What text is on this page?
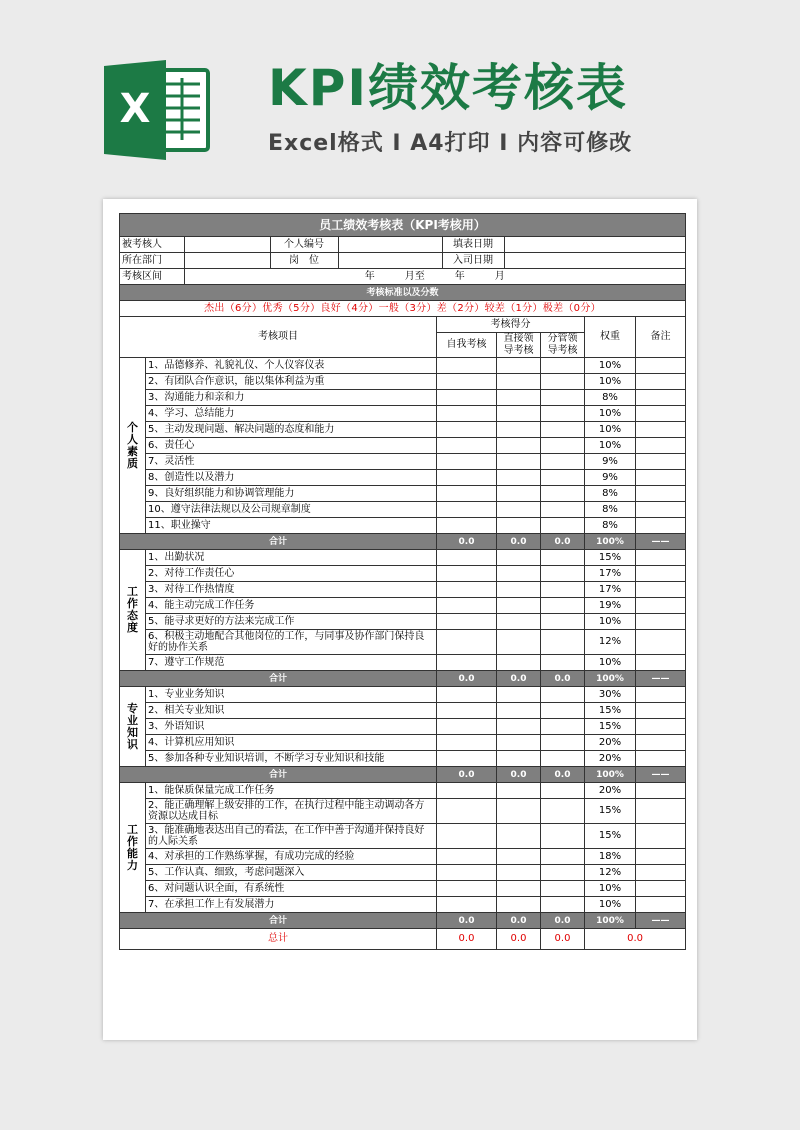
X KPI绩效考核表
Excel格式 I A4打印 I 内容可修改
员工绩效考核表（KPI考核用）

被考核人		个人编号		填表日期	
所在部门		岗　位		入司日期	
考核区间	年　　　月至　　　年　　　月

考核标准以及分数
杰出（6分）优秀（5分）良好（4分）一般（3分）差（2分）较差（1分）极差（0分）
考核项目	考核得分	权重	备注
自我考核	直接领导考核	分管领导考核
个人素质	1、品德修养、礼貌礼仪、个人仪容仪表				10%	
2、有团队合作意识，能以集体利益为重				10%	
3、沟通能力和亲和力				8%	
4、学习、总结能力				10%	
5、主动发现问题、解决问题的态度和能力				10%	
6、责任心				10%	
7、灵活性				9%	
8、创造性以及潜力				9%	
9、良好组织能力和协调管理能力				8%	
10、遵守法律法规以及公司规章制度				8%	
11、职业操守				8%	
合计	0.0	0.0	0.0	100%	——
工作态度	1、出勤状况				15%	
2、对待工作责任心				17%	
3、对待工作热情度				17%	
4、能主动完成工作任务				19%	
5、能寻求更好的方法来完成工作				10%	
6、积极主动地配合其他岗位的工作，与同事及协作部门保持良好的协作关系				12%	
7、遵守工作规范				10%	
合计	0.0	0.0	0.0	100%	——
专业知识	1、专业业务知识				30%	
2、相关专业知识				15%	
3、外语知识				15%	
4、计算机应用知识				20%	
5、参加各种专业知识培训，不断学习专业知识和技能				20%	
合计	0.0	0.0	0.0	100%	——
工作能力	1、能保质保量完成工作任务				20%	
2、能正确理解上级安排的工作，在执行过程中能主动调动各方资源以达成目标				15%	
3、能准确地表达出自己的看法，在工作中善于沟通并保持良好的人际关系				15%	
4、对承担的工作熟练掌握，有成功完成的经验				18%	
5、工作认真、细致，考虑问题深入				12%	
6、对问题认识全面，有系统性				10%	
7、在承担工作上有发展潜力				10%	
合计	0.0	0.0	0.0	100%	——
总计	0.0	0.0	0.0	0.0
